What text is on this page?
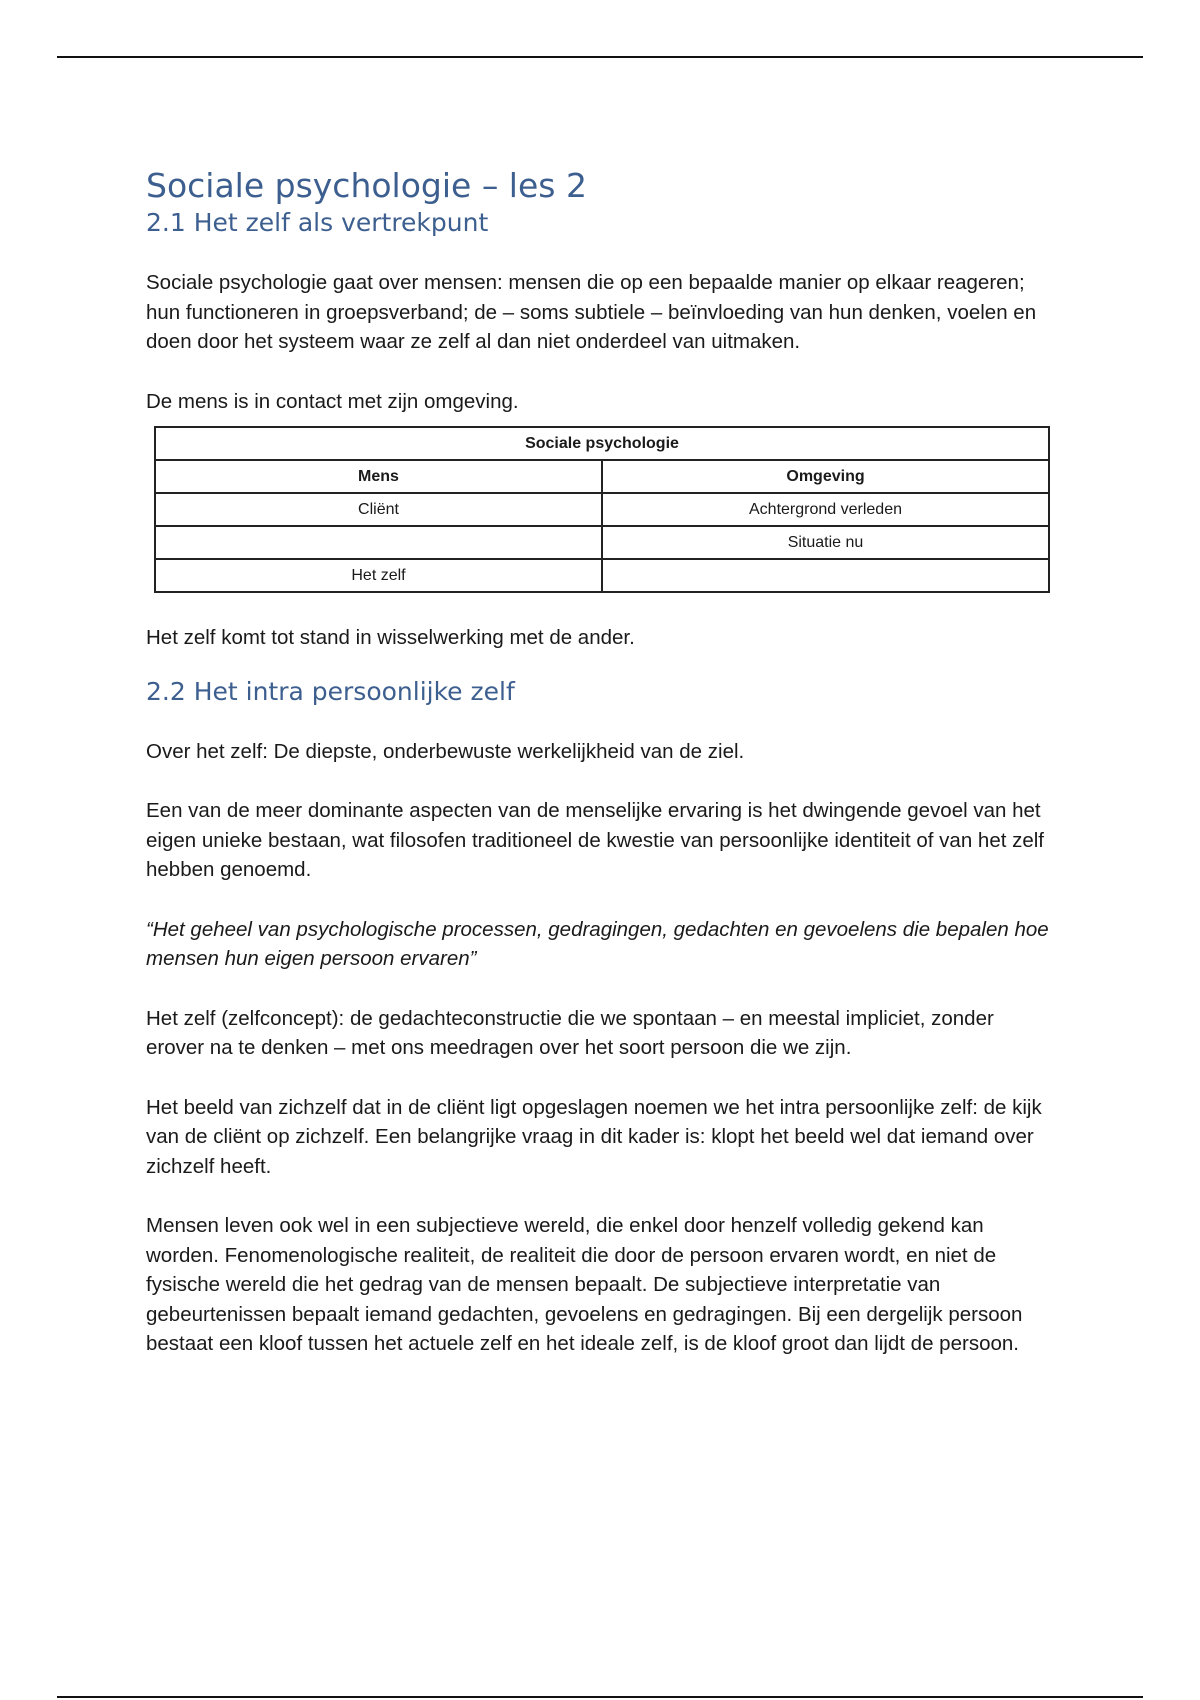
Sociale psychologie – les 2
2.1 Het zelf als vertrekpunt

Sociale psychologie gaat over mensen: mensen die op een bepaalde manier op elkaar reageren; hun functioneren in groepsverband; de – soms subtiele – beïnvloeding van hun denken, voelen en doen door het systeem waar ze zelf al dan niet onderdeel van uitmaken.

De mens is in contact met zijn omgeving.

Sociale psychologie	
Mens	Omgeving
Cliënt	Achtergrond verleden
	Situatie nu
Het zelf	

Het zelf komt tot stand in wisselwerking met de ander.

2.2 Het intra persoonlijke zelf

Over het zelf: De diepste, onderbewuste werkelijkheid van de ziel.

Een van de meer dominante aspecten van de menselijke ervaring is het dwingende gevoel van het eigen unieke bestaan, wat filosofen traditioneel de kwestie van persoonlijke identiteit of van het zelf hebben genoemd.

“Het geheel van psychologische processen, gedragingen, gedachten en gevoelens die bepalen hoe mensen hun eigen persoon ervaren”

Het zelf (zelfconcept): de gedachteconstructie die we spontaan – en meestal impliciet, zonder erover na te denken – met ons meedragen over het soort persoon die we zijn.

Het beeld van zichzelf dat in de cliënt ligt opgeslagen noemen we het intra persoonlijke zelf: de kijk van de cliënt op zichzelf. Een belangrijke vraag in dit kader is: klopt het beeld wel dat iemand over zichzelf heeft.

Mensen leven ook wel in een subjectieve wereld, die enkel door henzelf volledig gekend kan worden. Fenomenologische realiteit, de realiteit die door de persoon ervaren wordt, en niet de fysische wereld die het gedrag van de mensen bepaalt. De subjectieve interpretatie van gebeurtenissen bepaalt iemand gedachten, gevoelens en gedragingen. Bij een dergelijk persoon bestaat een kloof tussen het actuele zelf en het ideale zelf, is de kloof groot dan lijdt de persoon.
